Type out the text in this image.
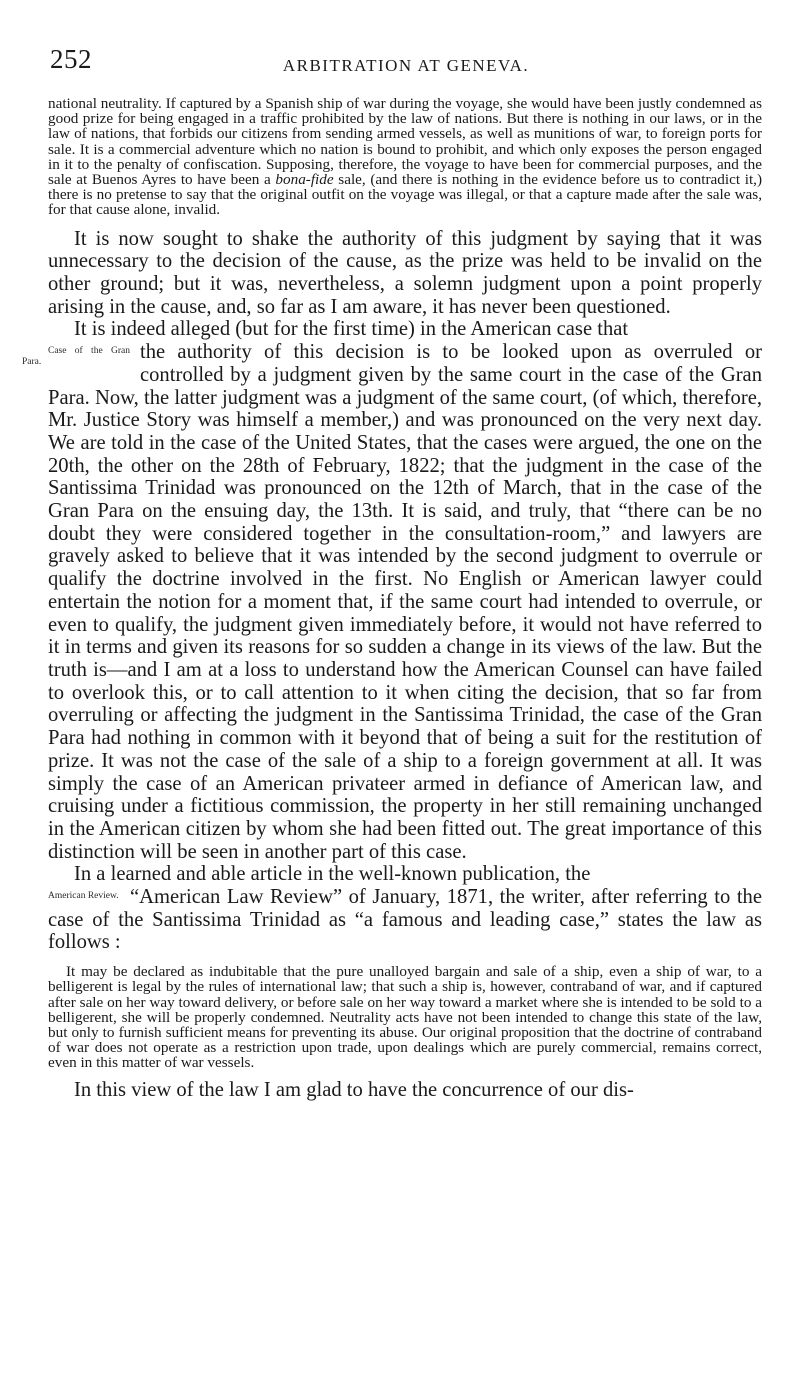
252	ARBITRATION AT GENEVA.

national neutrality. If captured by a Spanish ship of war during the voyage, she would have been justly condemned as good prize for being engaged in a traffic prohibited by the law of nations. But there is nothing in our laws, or in the law of nations, that forbids our citizens from sending armed vessels, as well as munitions of war, to foreign ports for sale. It is a commercial adventure which no nation is bound to prohibit, and which only exposes the person engaged in it to the penalty of confiscation. Supposing, therefore, the voyage to have been for commercial purposes, and the sale at Buenos Ayres to have been a bona-fide sale, (and there is nothing in the evidence before us to contradict it,) there is no pretense to say that the original outfit on the voyage was illegal, or that a capture made after the sale was, for that cause alone, invalid.

It is now sought to shake the authority of this judgment by saying that it was unnecessary to the decision of the cause, as the prize was held to be invalid on the other ground; but it was, nevertheless, a solemn judgment upon a point properly arising in the cause, and, so far as I am aware, it has never been questioned.

It is indeed alleged (but for the first time) in the American case that

Case of the Gran Para.	the authority of this decision is to be looked upon as overruled or controlled by a judgment given by the same court in the case of the Gran Para. Now, the latter judgment was a judgment of the same court, (of which, therefore, Mr. Justice Story was himself a member,) and was pronounced on the very next day. We are told in the case of the United States, that the cases were argued, the one on the 20th, the other on the 28th of February, 1822; that the judgment in the case of the Santissima Trinidad was pronounced on the 12th of March, that in the case of the Gran Para on the ensuing day, the 13th. It is said, and truly, that “there can be no doubt they were considered together in the consultation-room,” and lawyers are gravely asked to believe that it was intended by the second judgment to overrule or qualify the doctrine involved in the first. No English or American lawyer could entertain the notion for a moment that, if the same court had intended to overrule, or even to qualify, the judgment given immediately before, it would not have referred to it in terms and given its reasons for so sudden a change in its views of the law. But the truth is—and I am at a loss to understand how the American Counsel can have failed to overlook this, or to call attention to it when citing the decision, that so far from overruling or affecting the judgment in the Santissima Trinidad, the case of the Gran Para had nothing in common with it beyond that of being a suit for the restitution of prize. It was not the case of the sale of a ship to a foreign government at all. It was simply the case of an American privateer armed in defiance of American law, and cruising under a fictitious commission, the property in her still remaining unchanged in the American citizen by whom she had been fitted out. The great importance of this distinction will be seen in another part of this case.

In a learned and able article in the well-known publication, the

American Review. “American Law Review” of January, 1871, the writer, after referring to the case of the Santissima Trinidad as “a famous and leading case,” states the law as follows :

It may be declared as indubitable that the pure unalloyed bargain and sale of a ship, even a ship of war, to a belligerent is legal by the rules of international law; that such a ship is, however, contraband of war, and if captured after sale on her way toward delivery, or before sale on her way toward a market where she is intended to be sold to a belligerent, she will be properly condemned. Neutrality acts have not been intended to change this state of the law, but only to furnish sufficient means for preventing its abuse. Our original proposition that the doctrine of contraband of war does not operate as a restriction upon trade, upon dealings which are purely commercial, remains correct, even in this matter of war vessels.

In this view of the law I am glad to have the concurrence of our dis-
